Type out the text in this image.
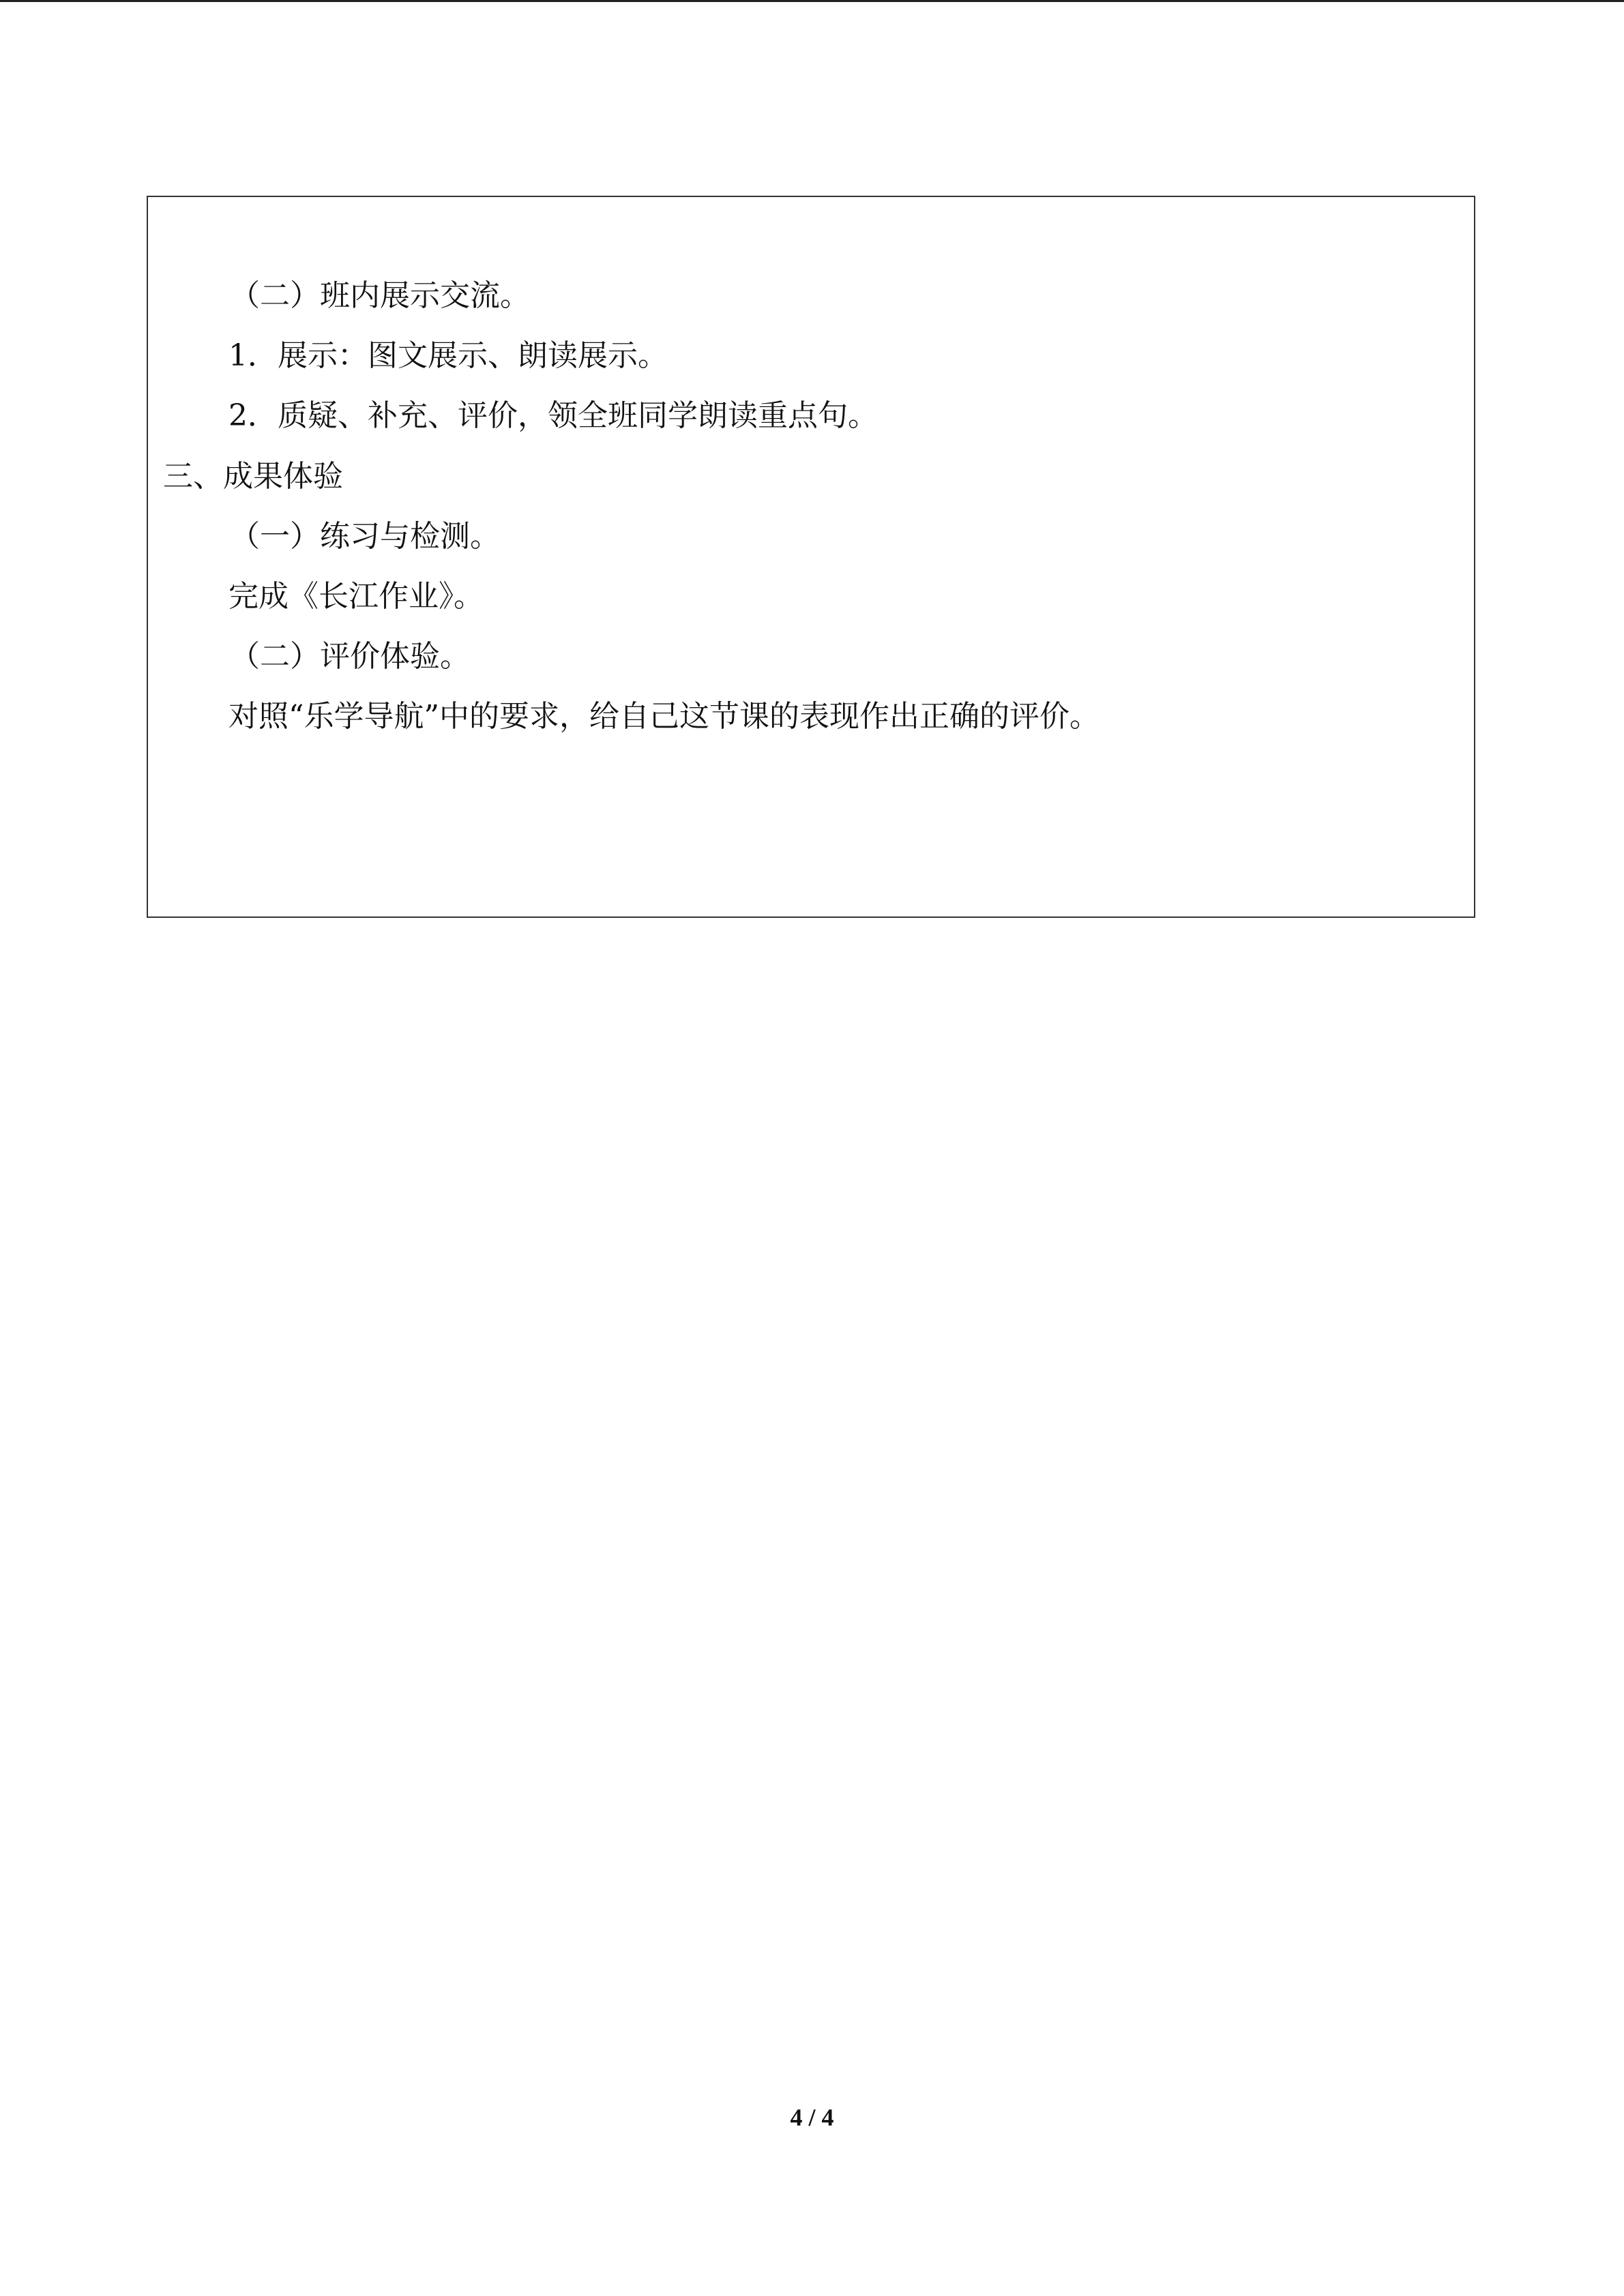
（二）班内展示交流。
1．展示：图文展示、朗读展示。
2．质疑、补充、评价，领全班同学朗读重点句。
三、成果体验
（一）练习与检测。
完成《长江作业》。
（二）评价体验。
对照“乐学导航”中的要求，给自己这节课的表现作出正确的评价。
4 / 4
